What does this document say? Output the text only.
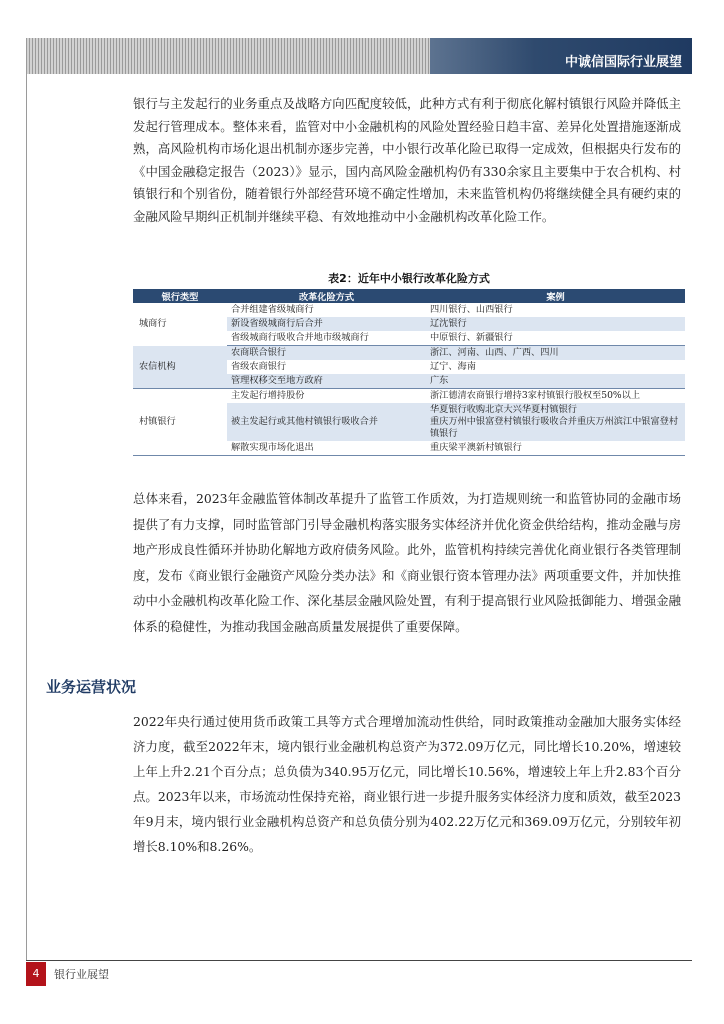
中诚信国际行业展望

银行与主发起行的业务重点及战略方向匹配度较低，此种方式有利于彻底化解村镇银行风险并降低主发起行管理成本。整体来看，监管对中小金融机构的风险处置经验日趋丰富、差异化处置措施逐渐成熟，高风险机构市场化退出机制亦逐步完善，中小银行改革化险已取得一定成效，但根据央行发布的《中国金融稳定报告（2023）》显示，国内高风险金融机构仍有330余家且主要集中于农合机构、村镇银行和个别省份，随着银行外部经营环境不确定性增加，未来监管机构仍将继续健全具有硬约束的金融风险早期纠正机制并继续平稳、有效地推动中小金融机构改革化险工作。

表2：近年中小银行改革化险方式
银行类型	改革化险方式	案例
城商行	合并组建省级城商行	四川银行、山西银行
	新设省级城商行后合并	辽沈银行
	省级城商行吸收合并地市级城商行	中原银行、新疆银行
农信机构	农商联合银行	浙江、河南、山西、广西、四川
	省级农商银行	辽宁、海南
	管理权移交至地方政府	广东
村镇银行	主发起行增持股份	浙江德清农商银行增持3家村镇银行股权至50%以上
	被主发起行或其他村镇银行吸收合并	华夏银行收购北京大兴华夏村镇银行
重庆万州中银富登村镇银行吸收合并重庆万州滨江中银富登村镇银行
	解散实现市场化退出	重庆梁平澳新村镇银行

总体来看，2023年金融监管体制改革提升了监管工作质效，为打造规则统一和监管协同的金融市场提供了有力支撑，同时监管部门引导金融机构落实服务实体经济并优化资金供给结构，推动金融与房地产形成良性循环并协助化解地方政府债务风险。此外，监管机构持续完善优化商业银行各类管理制度，发布《商业银行金融资产风险分类办法》和《商业银行资本管理办法》两项重要文件，并加快推动中小金融机构改革化险工作、深化基层金融风险处置，有利于提高银行业风险抵御能力、增强金融体系的稳健性，为推动我国金融高质量发展提供了重要保障。

业务运营状况

2022年央行通过使用货币政策工具等方式合理增加流动性供给，同时政策推动金融加大服务实体经济力度，截至2022年末，境内银行业金融机构总资产为372.09万亿元，同比增长10.20%，增速较上年上升2.21个百分点；总负债为340.95万亿元，同比增长10.56%，增速较上年上升2.83个百分点。2023年以来，市场流动性保持充裕，商业银行进一步提升服务实体经济力度和质效，截至2023年9月末，境内银行业金融机构总资产和总负债分别为402.22万亿元和369.09万亿元，分别较年初增长8.10%和8.26%。

4	银行业展望
